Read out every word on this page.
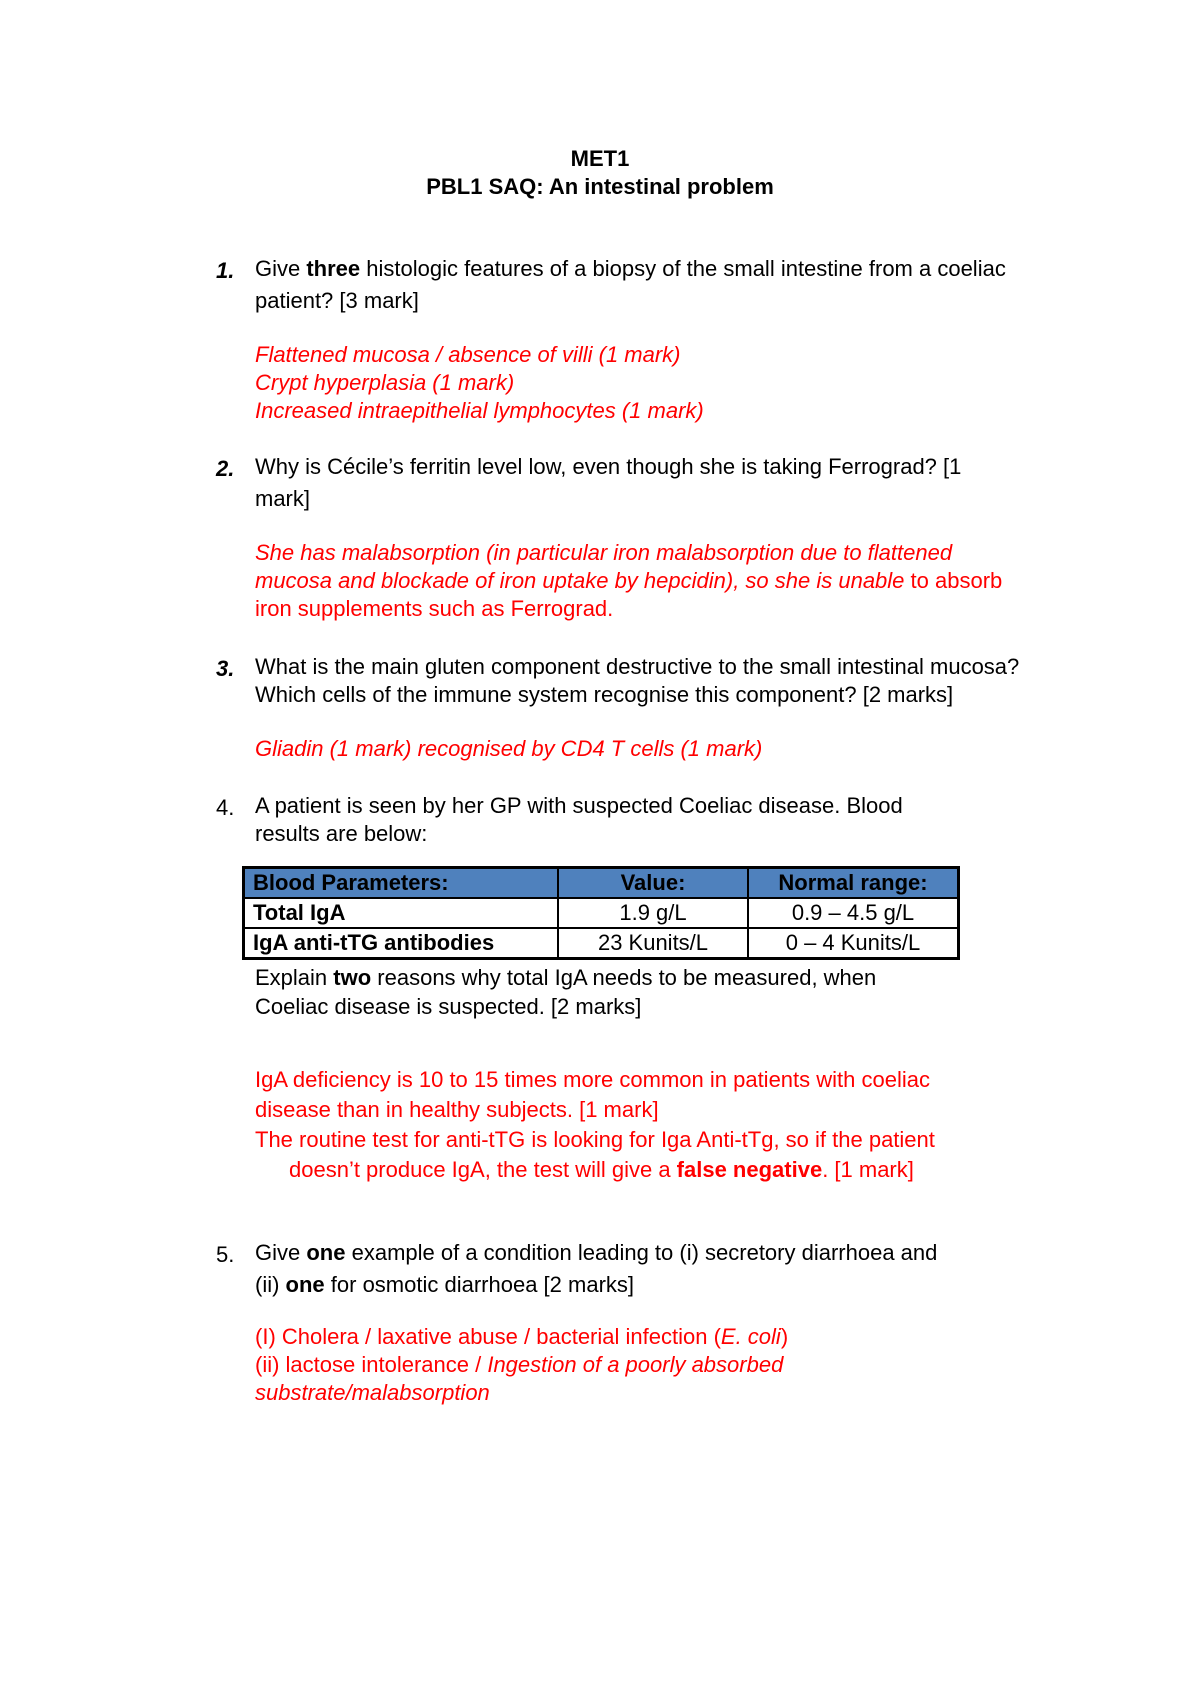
MET1
PBL1 SAQ: An intestinal problem
1. Give three histologic features of a biopsy of the small intestine from a coeliac
patient? [3 mark]
Flattened mucosa / absence of villi (1 mark)
Crypt hyperplasia (1 mark)
Increased intraepithelial lymphocytes (1 mark)
2. Why is Cécile’s ferritin level low, even though she is taking Ferrograd? [1
mark]
She has malabsorption (in particular iron malabsorption due to flattened
mucosa and blockade of iron uptake by hepcidin), so she is unable to absorb
iron supplements such as Ferrograd.
3. What is the main gluten component destructive to the small intestinal mucosa?
Which cells of the immune system recognise this component? [2 marks]
Gliadin (1 mark) recognised by CD4 T cells (1 mark)
4. A patient is seen by her GP with suspected Coeliac disease. Blood
results are below:
Blood Parameters:	Value:	Normal range:
Total IgA	1.9 g/L	0.9 – 4.5 g/L
IgA anti-tTG antibodies	23 Kunits/L	0 – 4 Kunits/L
Explain two reasons why total IgA needs to be measured, when
Coeliac disease is suspected. [2 marks]
IgA deficiency is 10 to 15 times more common in patients with coeliac
disease than in healthy subjects. [1 mark]
The routine test for anti-tTG is looking for Iga Anti-tTg, so if the patient
doesn’t produce IgA, the test will give a false negative. [1 mark]
5. Give one example of a condition leading to (i) secretory diarrhoea and
(ii) one for osmotic diarrhoea [2 marks]
(I) Cholera / laxative abuse / bacterial infection (E. coli)
(ii) lactose intolerance / Ingestion of a poorly absorbed
substrate/malabsorption
